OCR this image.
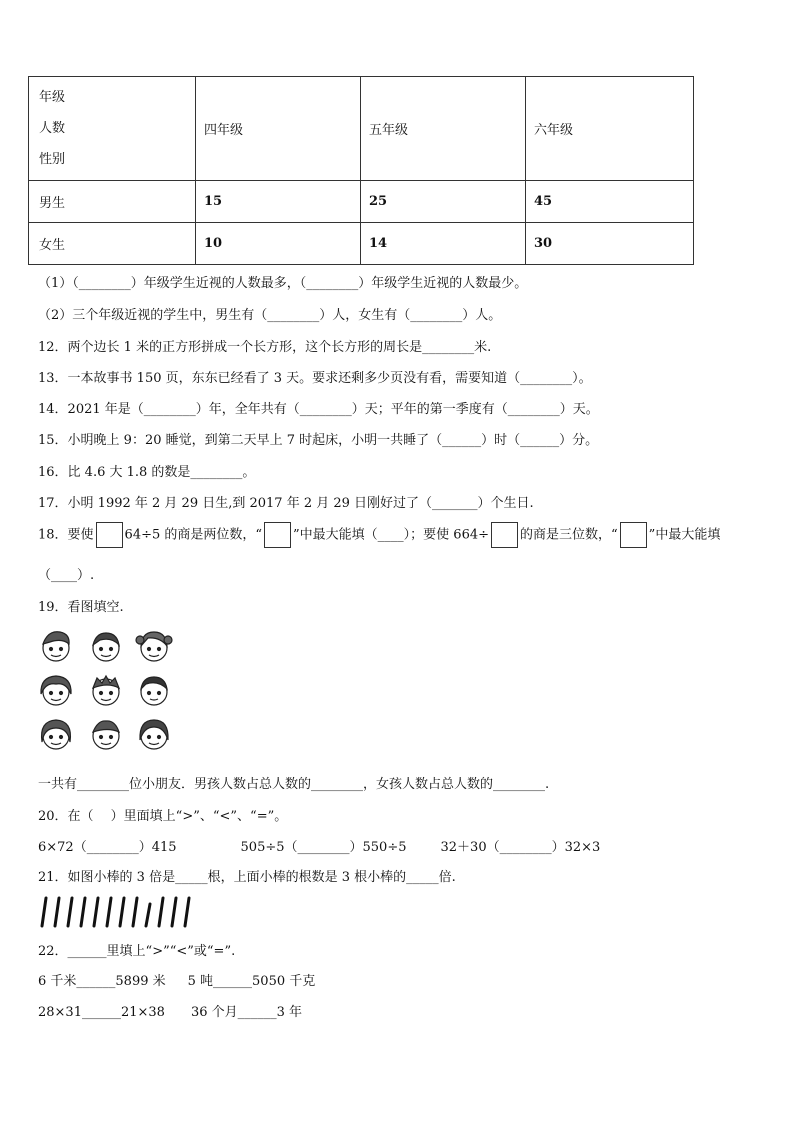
年级
人数
性别	四年级	五年级	六年级
男生	15	25	45
女生	10	14	30
（1）（________）年级学生近视的人数最多，（________）年级学生近视的人数最少。
（2）三个年级近视的学生中，男生有（________）人，女生有（________）人。
12．两个边长 1 米的正方形拼成一个长方形，这个长方形的周长是________米.
13．一本故事书 150 页，东东已经看了 3 天。要求还剩多少页没有看，需要知道（________）。
14．2021 年是（________）年，全年共有（________）天；平年的第一季度有（________）天。
15．小明晚上 9：20 睡觉，到第二天早上 7 时起床，小明一共睡了（______）时（______）分。
16．比 4.6 大 1.8 的数是________。
17．小明 1992 年 2 月 29 日生,到 2017 年 2 月 29 日刚好过了（_______）个生日.
18．要使 64÷5 的商是两位数，“ ”中最大能填（____）；要使 664÷ 的商是三位数，“ ”中最大能填
（____）.
19．看图填空.
一共有________位小朋友．男孩人数占总人数的________，女孩人数占总人数的________.
20．在（　 ）里面填上“>”、“<”、“=”。
6×72（________）415	505÷5（________）550÷5	32＋30（________）32×3
21．如图小棒的 3 倍是_____根，上面小棒的根数是 3 根小棒的_____倍.
22．______里填上“>”“<”或“=”.
6 千米______5899 米 5 吨______5050 千克
28×31______21×38 36 个月______3 年
